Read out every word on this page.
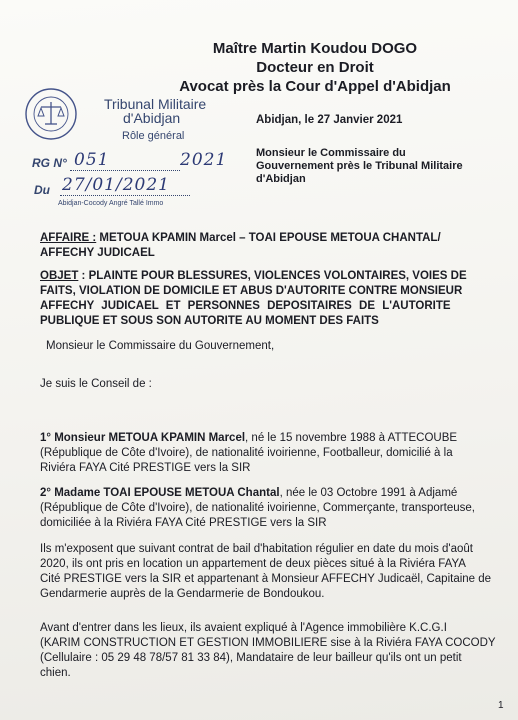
Maître Martin Koudou DOGO
Docteur en Droit
Avocat près la Cour d'Appel d'Abidjan
Tribunal Militaire
d'Abidjan
Rôle général
RG N° 051	2021
Du 27/01/2021
Abidjan-Cocody Angré Tallé Immo
Abidjan, le 27 Janvier 2021
Monsieur le Commissaire du
Gouvernement près le Tribunal Militaire
d'Abidjan
AFFAIRE : METOUA KPAMIN Marcel – TOAI EPOUSE METOUA CHANTAL/
AFFECHY JUDICAEL
OBJET : PLAINTE POUR BLESSURES, VIOLENCES VOLONTAIRES, VOIES DE
FAITS, VIOLATION DE DOMICILE ET ABUS D'AUTORITE CONTRE MONSIEUR
AFFECHY JUDICAEL ET PERSONNES DEPOSITAIRES DE L'AUTORITE
PUBLIQUE ET SOUS SON AUTORITE AU MOMENT DES FAITS
Monsieur le Commissaire du Gouvernement,
Je suis le Conseil de :
1° Monsieur METOUA KPAMIN Marcel, né le 15 novembre 1988 à ATTECOUBE
(République de Côte d'Ivoire), de nationalité ivoirienne, Footballeur, domicilié à la
Riviéra FAYA Cité PRESTIGE vers la SIR
2° Madame TOAI EPOUSE METOUA Chantal, née le 03 Octobre 1991 à Adjamé
(République de Côte d'Ivoire), de nationalité ivoirienne, Commerçante, transporteuse,
domiciliée à la Riviéra FAYA Cité PRESTIGE vers la SIR
Ils m'exposent que suivant contrat de bail d'habitation régulier en date du mois d'août
2020, ils ont pris en location un appartement de deux pièces situé à la Riviéra FAYA
Cité PRESTIGE vers la SIR et appartenant à Monsieur AFFECHY Judicaël, Capitaine de
Gendarmerie auprès de la Gendarmerie de Bondoukou.
Avant d'entrer dans les lieux, ils avaient expliqué à l'Agence immobilière K.C.G.I
(KARIM CONSTRUCTION ET GESTION IMMOBILIERE sise à la Riviéra FAYA COCODY
(Cellulaire : 05 29 48 78/57 81 33 84), Mandataire de leur bailleur qu'ils ont un petit
chien.
1
